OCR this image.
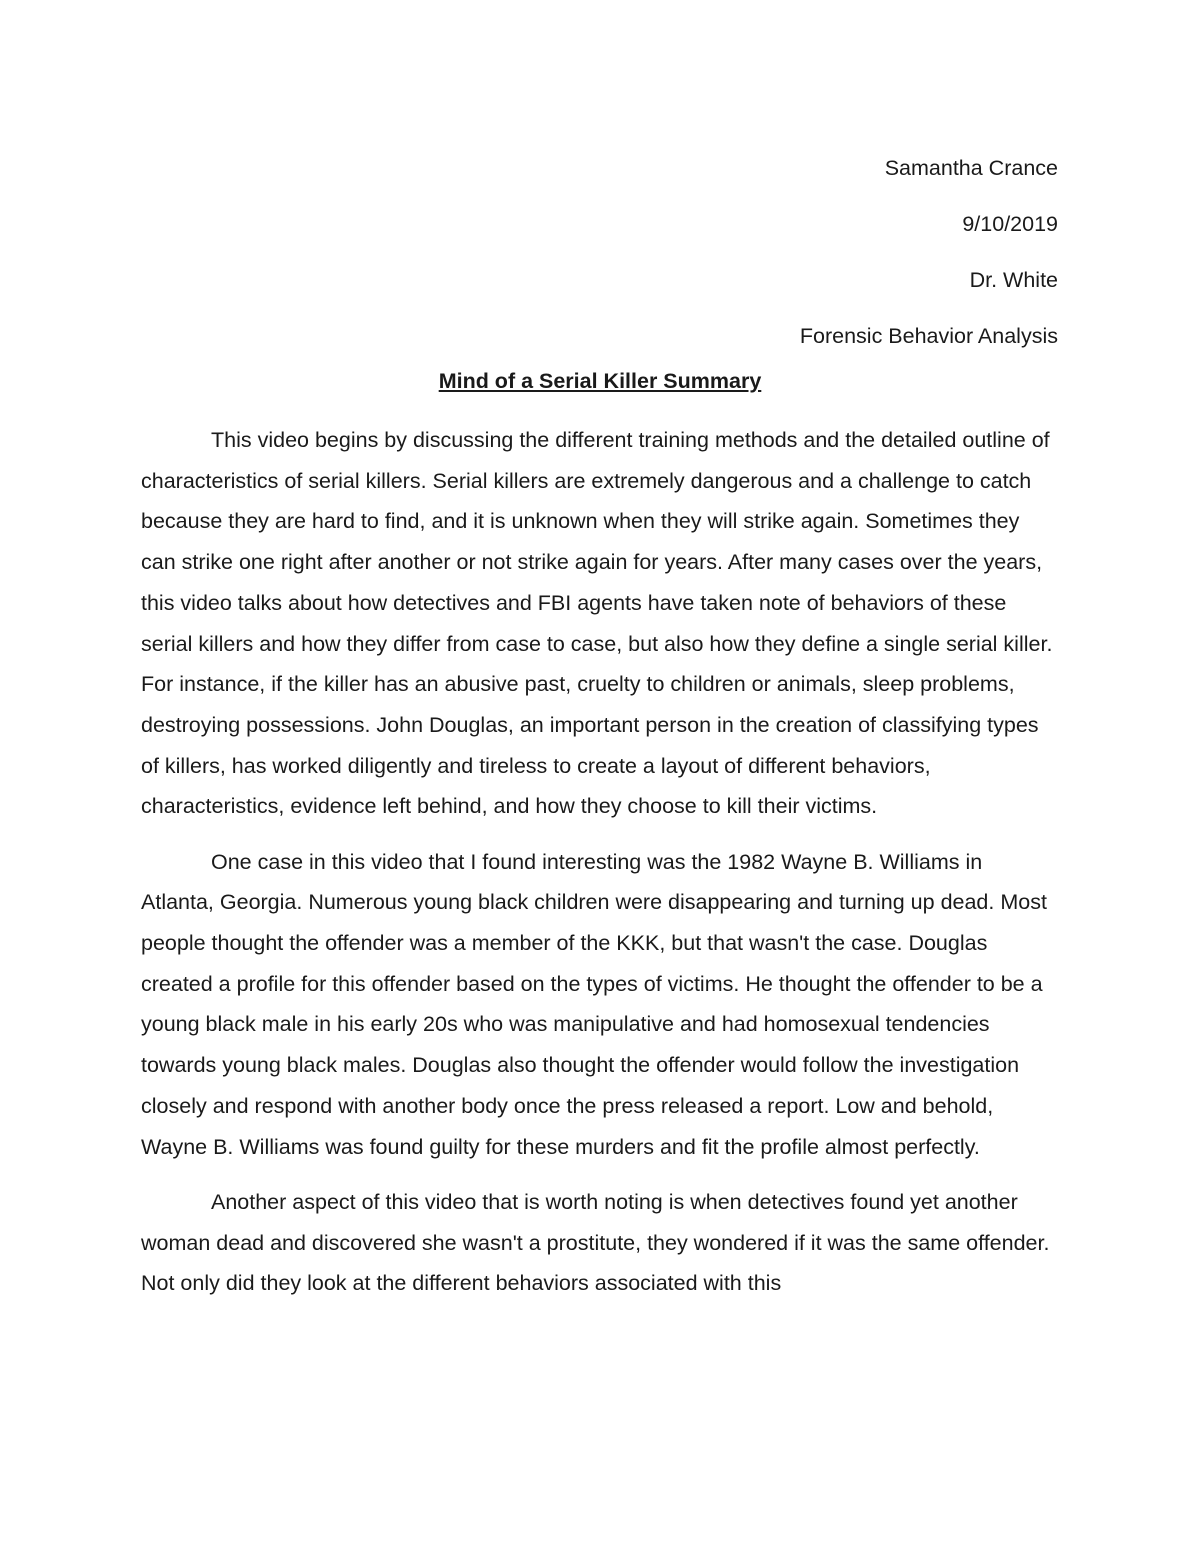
Samantha Crance
9/10/2019
Dr. White
Forensic Behavior Analysis
Mind of a Serial Killer Summary

This video begins by discussing the different training methods and the detailed outline of characteristics of serial killers. Serial killers are extremely dangerous and a challenge to catch because they are hard to find, and it is unknown when they will strike again. Sometimes they can strike one right after another or not strike again for years. After many cases over the years, this video talks about how detectives and FBI agents have taken note of behaviors of these serial killers and how they differ from case to case, but also how they define a single serial killer. For instance, if the killer has an abusive past, cruelty to children or animals, sleep problems, destroying possessions. John Douglas, an important person in the creation of classifying types of killers, has worked diligently and tireless to create a layout of different behaviors, characteristics, evidence left behind, and how they choose to kill their victims.

One case in this video that I found interesting was the 1982 Wayne B. Williams in Atlanta, Georgia. Numerous young black children were disappearing and turning up dead. Most people thought the offender was a member of the KKK, but that wasn't the case. Douglas created a profile for this offender based on the types of victims. He thought the offender to be a young black male in his early 20s who was manipulative and had homosexual tendencies towards young black males. Douglas also thought the offender would follow the investigation closely and respond with another body once the press released a report. Low and behold, Wayne B. Williams was found guilty for these murders and fit the profile almost perfectly.

Another aspect of this video that is worth noting is when detectives found yet another woman dead and discovered she wasn't a prostitute, they wondered if it was the same offender. Not only did they look at the different behaviors associated with this
